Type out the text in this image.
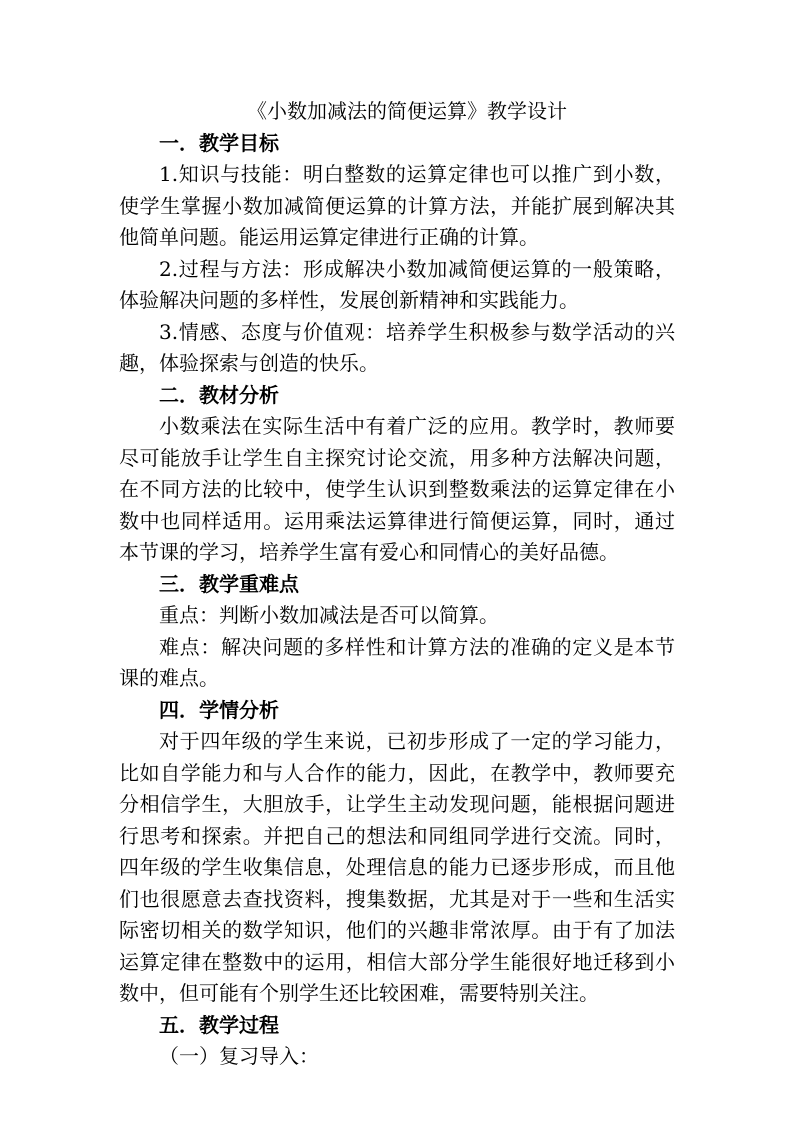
《小数加减法的简便运算》教学设计

一．教学目标

1.知识与技能：明白整数的运算定律也可以推广到小数，使学生掌握小数加减简便运算的计算方法，并能扩展到解决其他简单问题。能运用运算定律进行正确的计算。

2.过程与方法：形成解决小数加减简便运算的一般策略，体验解决问题的多样性，发展创新精神和实践能力。

3.情感、态度与价值观：培养学生积极参与数学活动的兴趣，体验探索与创造的快乐。

二．教材分析

小数乘法在实际生活中有着广泛的应用。教学时，教师要尽可能放手让学生自主探究讨论交流，用多种方法解决问题，在不同方法的比较中，使学生认识到整数乘法的运算定律在小数中也同样适用。运用乘法运算律进行简便运算，同时，通过本节课的学习，培养学生富有爱心和同情心的美好品德。

三．教学重难点

重点：判断小数加减法是否可以简算。

难点：解决问题的多样性和计算方法的准确的定义是本节课的难点。

四．学情分析

对于四年级的学生来说，已初步形成了一定的学习能力，比如自学能力和与人合作的能力，因此，在教学中，教师要充分相信学生，大胆放手，让学生主动发现问题，能根据问题进行思考和探索。并把自己的想法和同组同学进行交流。同时，四年级的学生收集信息，处理信息的能力已逐步形成，而且他们也很愿意去查找资料，搜集数据，尤其是对于一些和生活实际密切相关的数学知识，他们的兴趣非常浓厚。由于有了加法运算定律在整数中的运用，相信大部分学生能很好地迁移到小数中，但可能有个别学生还比较困难，需要特别关注。

五．教学过程

（一）复习导入：
